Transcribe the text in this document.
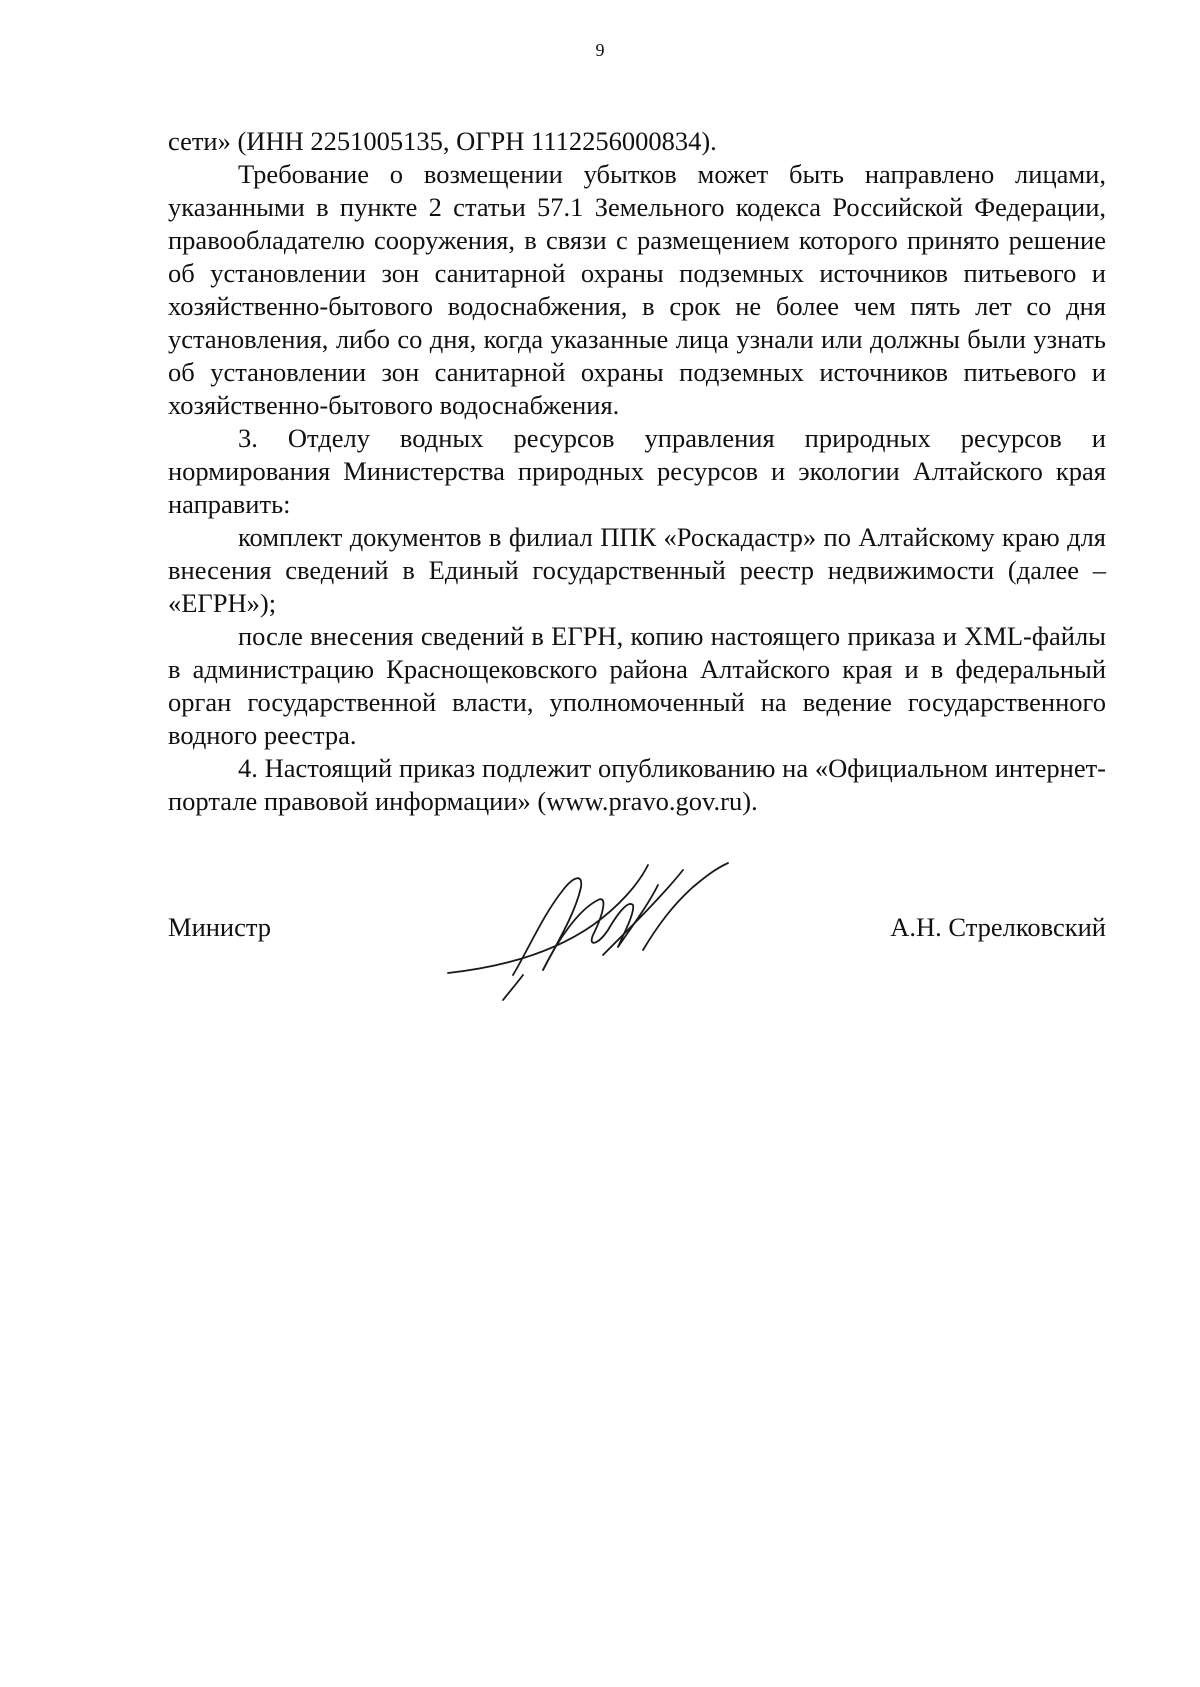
9

сети» (ИНН 2251005135, ОГРН 1112256000834).

Требование о возмещении убытков может быть направлено лицами, указанными в пункте 2 статьи 57.1 Земельного кодекса Российской Федерации, правообладателю сооружения, в связи с размещением которого принято решение об установлении зон санитарной охраны подземных источников питьевого и хозяйственно-бытового водоснабжения, в срок не более чем пять лет со дня установления, либо со дня, когда указанные лица узнали или должны были узнать об установлении зон санитарной охраны подземных источников питьевого и хозяйственно-бытового водоснабжения.

3. Отделу водных ресурсов управления природных ресурсов и нормирования Министерства природных ресурсов и экологии Алтайского края направить:

комплект документов в филиал ППК «Роскадастр» по Алтайскому краю для внесения сведений в Единый государственный реестр недвижимости (далее – «ЕГРН»);

после внесения сведений в ЕГРН, копию настоящего приказа и XML-файлы в администрацию Краснощековского района Алтайского края и в федеральный орган государственной власти, уполномоченный на ведение государственного водного реестра.

4. Настоящий приказ подлежит опубликованию на «Официальном интернет-портале правовой информации» (www.pravo.gov.ru).

Министр	А.Н. Стрелковский
